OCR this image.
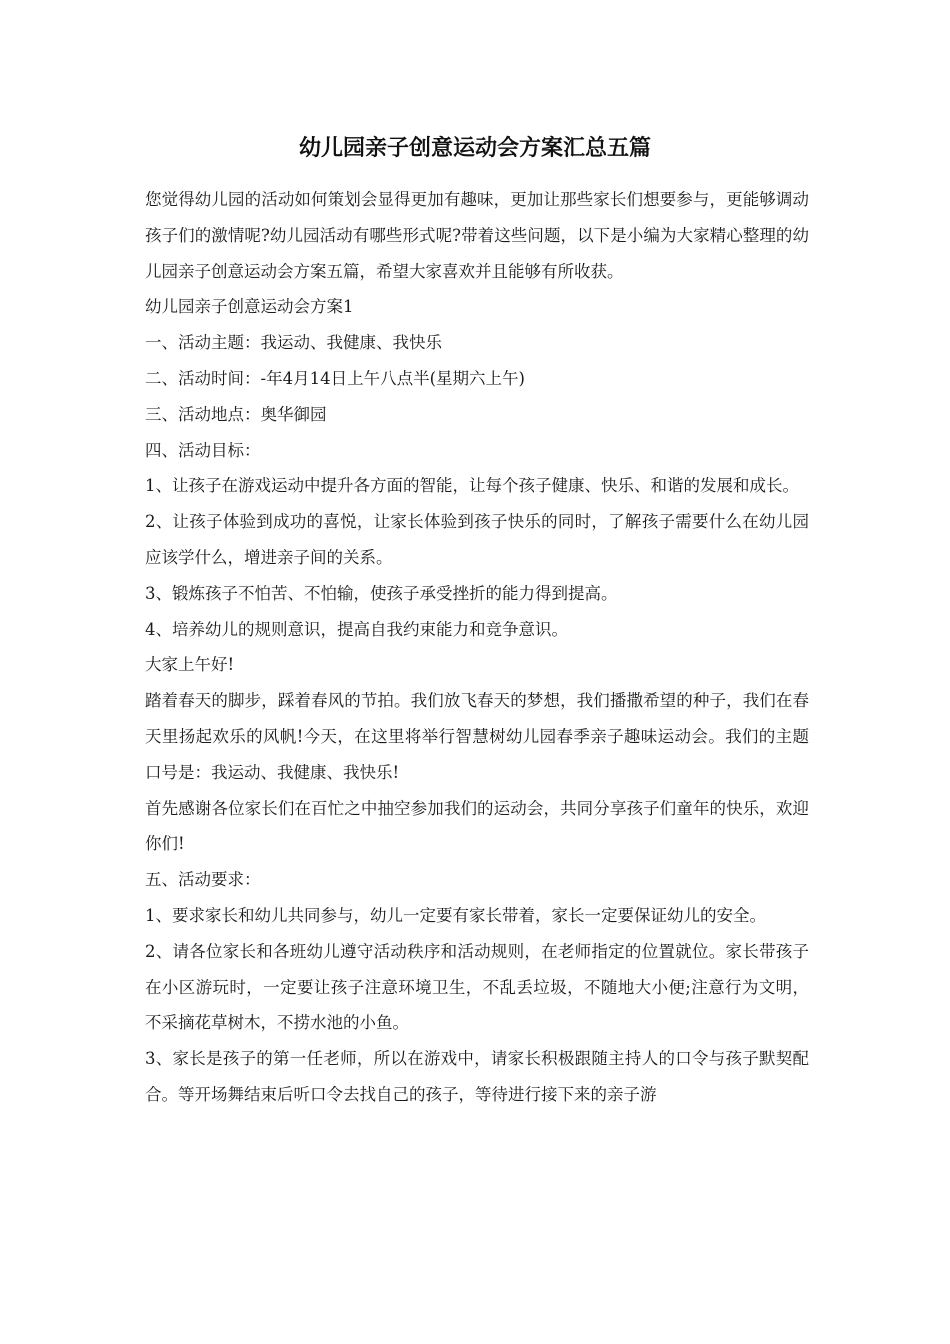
幼儿园亲子创意运动会方案汇总五篇

您觉得幼儿园的活动如何策划会显得更加有趣味，更加让那些家长们想要参与，更能够调动孩子们的激情呢?幼儿园活动有哪些形式呢?带着这些问题，以下是小编为大家精心整理的幼儿园亲子创意运动会方案五篇，希望大家喜欢并且能够有所收获。

幼儿园亲子创意运动会方案1

一、活动主题：我运动、我健康、我快乐

二、活动时间：-年4月14日上午八点半(星期六上午)

三、活动地点：奥华御园

四、活动目标：

1、让孩子在游戏运动中提升各方面的智能，让每个孩子健康、快乐、和谐的发展和成长。

2、让孩子体验到成功的喜悦，让家长体验到孩子快乐的同时，了解孩子需要什么在幼儿园应该学什么，增进亲子间的关系。

3、锻炼孩子不怕苦、不怕输，使孩子承受挫折的能力得到提高。

4、培养幼儿的规则意识，提高自我约束能力和竞争意识。

大家上午好!

踏着春天的脚步，踩着春风的节拍。我们放飞春天的梦想，我们播撒希望的种子，我们在春天里扬起欢乐的风帆!今天，在这里将举行智慧树幼儿园春季亲子趣味运动会。我们的主题口号是：我运动、我健康、我快乐!

首先感谢各位家长们在百忙之中抽空参加我们的运动会，共同分享孩子们童年的快乐，欢迎你们!

五、活动要求：

1、要求家长和幼儿共同参与，幼儿一定要有家长带着，家长一定要保证幼儿的安全。

2、请各位家长和各班幼儿遵守活动秩序和活动规则，在老师指定的位置就位。家长带孩子在小区游玩时，一定要让孩子注意环境卫生，不乱丢垃圾，不随地大小便;注意行为文明，不采摘花草树木，不捞水池的小鱼。

3、家长是孩子的第一任老师，所以在游戏中，请家长积极跟随主持人的口令与孩子默契配合。等开场舞结束后听口令去找自己的孩子，等待进行接下来的亲子游
